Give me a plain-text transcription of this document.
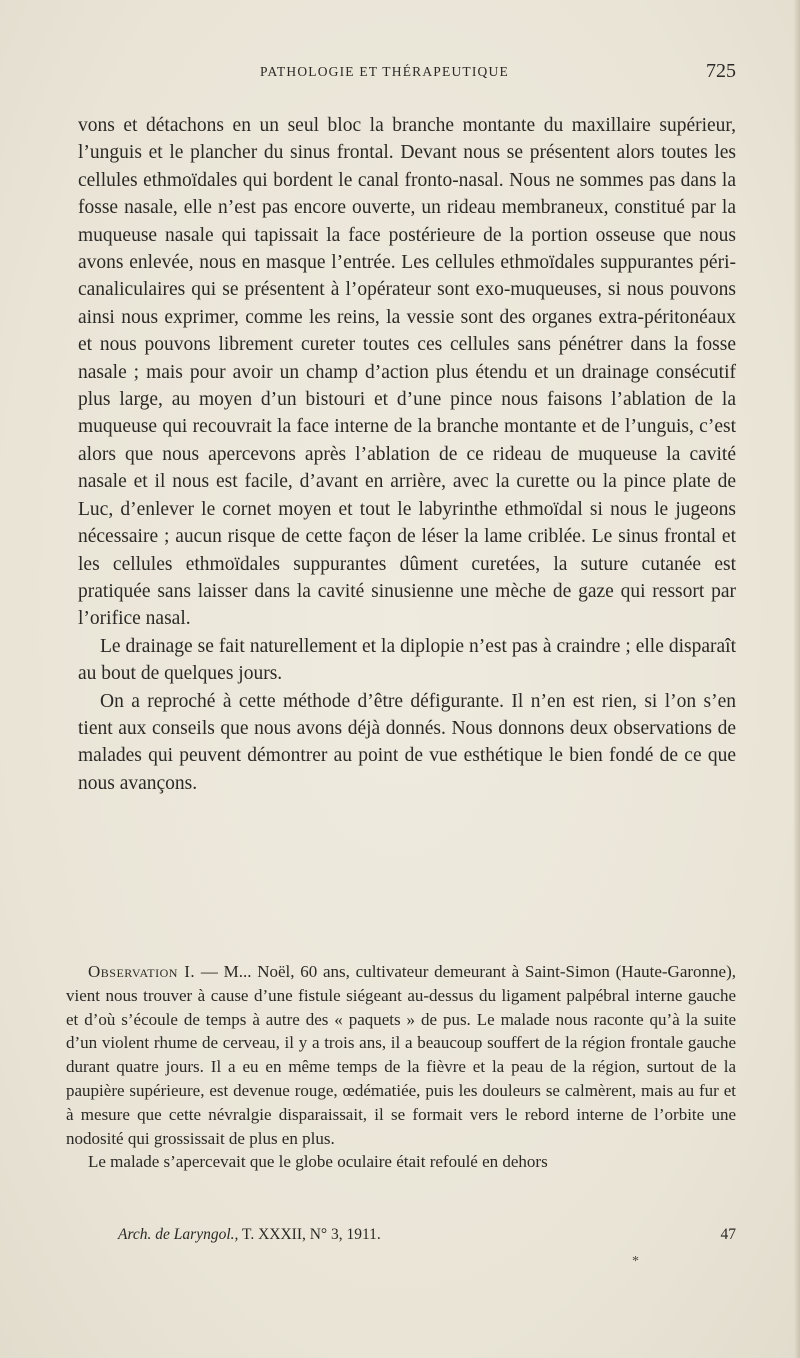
PATHOLOGIE ET THÉRAPEUTIQUE	725

vons et détachons en un seul bloc la branche montante du maxillaire supérieur, l’unguis et le plancher du sinus frontal. Devant nous se présentent alors toutes les cellules ethmoïdales qui bordent le canal fronto-nasal. Nous ne sommes pas dans la fosse nasale, elle n’est pas encore ouverte, un rideau membraneux, constitué par la muqueuse nasale qui tapissait la face postérieure de la portion osseuse que nous avons enlevée, nous en masque l’entrée. Les cellules ethmoïdales suppurantes péri-canaliculaires qui se présentent à l’opérateur sont exo-muqueuses, si nous pouvons ainsi nous exprimer, comme les reins, la vessie sont des organes extra-péritonéaux et nous pouvons librement cureter toutes ces cellules sans pénétrer dans la fosse nasale ; mais pour avoir un champ d’action plus étendu et un drainage consécutif plus large, au moyen d’un bistouri et d’une pince nous faisons l’ablation de la muqueuse qui recouvrait la face interne de la branche montante et de l’unguis, c’est alors que nous apercevons après l’ablation de ce rideau de muqueuse la cavité nasale et il nous est facile, d’avant en arrière, avec la curette ou la pince plate de Luc, d’enlever le cornet moyen et tout le labyrinthe ethmoïdal si nous le jugeons nécessaire ; aucun risque de cette façon de léser la lame criblée. Le sinus frontal et les cellules ethmoïdales suppurantes dûment curetées, la suture cutanée est pratiquée sans laisser dans la cavité sinusienne une mèche de gaze qui ressort par l’orifice nasal.

Le drainage se fait naturellement et la diplopie n’est pas à craindre ; elle disparaît au bout de quelques jours.

On a reproché à cette méthode d’être défigurante. Il n’en est rien, si l’on s’en tient aux conseils que nous avons déjà donnés. Nous donnons deux observations de malades qui peuvent démontrer au point de vue esthétique le bien fondé de ce que nous avançons.

Observation I. — M... Noël, 60 ans, cultivateur demeurant à Saint-Simon (Haute-Garonne), vient nous trouver à cause d’une fistule siégeant au-dessus du ligament palpébral interne gauche et d’où s’écoule de temps à autre des « paquets » de pus. Le malade nous raconte qu’à la suite d’un violent rhume de cerveau, il y a trois ans, il a beaucoup souffert de la région frontale gauche durant quatre jours. Il a eu en même temps de la fièvre et la peau de la région, surtout de la paupière supérieure, est devenue rouge, œdématiée, puis les douleurs se calmèrent, mais au fur et à mesure que cette névralgie disparaissait, il se formait vers le rebord interne de l’orbite une nodosité qui grossissait de plus en plus.

Le malade s’apercevait que le globe oculaire était refoulé en dehors

Arch. de Laryngol., T. XXXII, N° 3, 1911.	47
*
